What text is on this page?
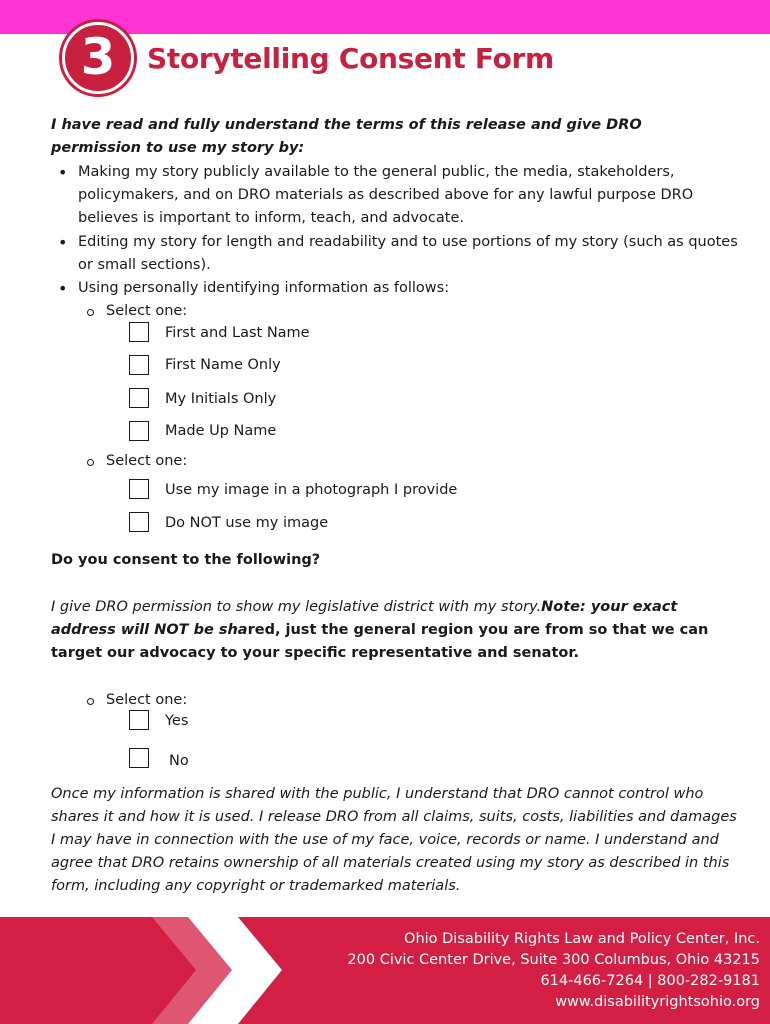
3	Storytelling Consent Form
I have read and fully understand the terms of this release and give DRO permission to use my story by:
• Making my story publicly available to the general public, the media, stakeholders, policymakers, and on DRO materials as described above for any lawful purpose DRO believes is important to inform, teach, and advocate.
• Editing my story for length and readability and to use portions of my story (such as quotes or small sections).
• Using personally identifying information as follows:
Select one:
First and Last Name
First Name Only
My Initials Only
Made Up Name
Select one:
Use my image in a photograph I provide
Do NOT use my image
Do you consent to the following?
I give DRO permission to show my legislative district with my story.Note: your exact address will NOT be shared, just the general region you are from so that we can target our advocacy to your specific representative and senator.
Select one:
Yes
No
Once my information is shared with the public, I understand that DRO cannot control who shares it and how it is used. I release DRO from all claims, suits, costs, liabilities and damages I may have in connection with the use of my face, voice, records or name. I understand and agree that DRO retains ownership of all materials created using my story as described in this form, including any copyright or trademarked materials.
Ohio Disability Rights Law and Policy Center, Inc.
200 Civic Center Drive, Suite 300 Columbus, Ohio 43215
614-466-7264 | 800-282-9181
www.disabilityrightsohio.org
